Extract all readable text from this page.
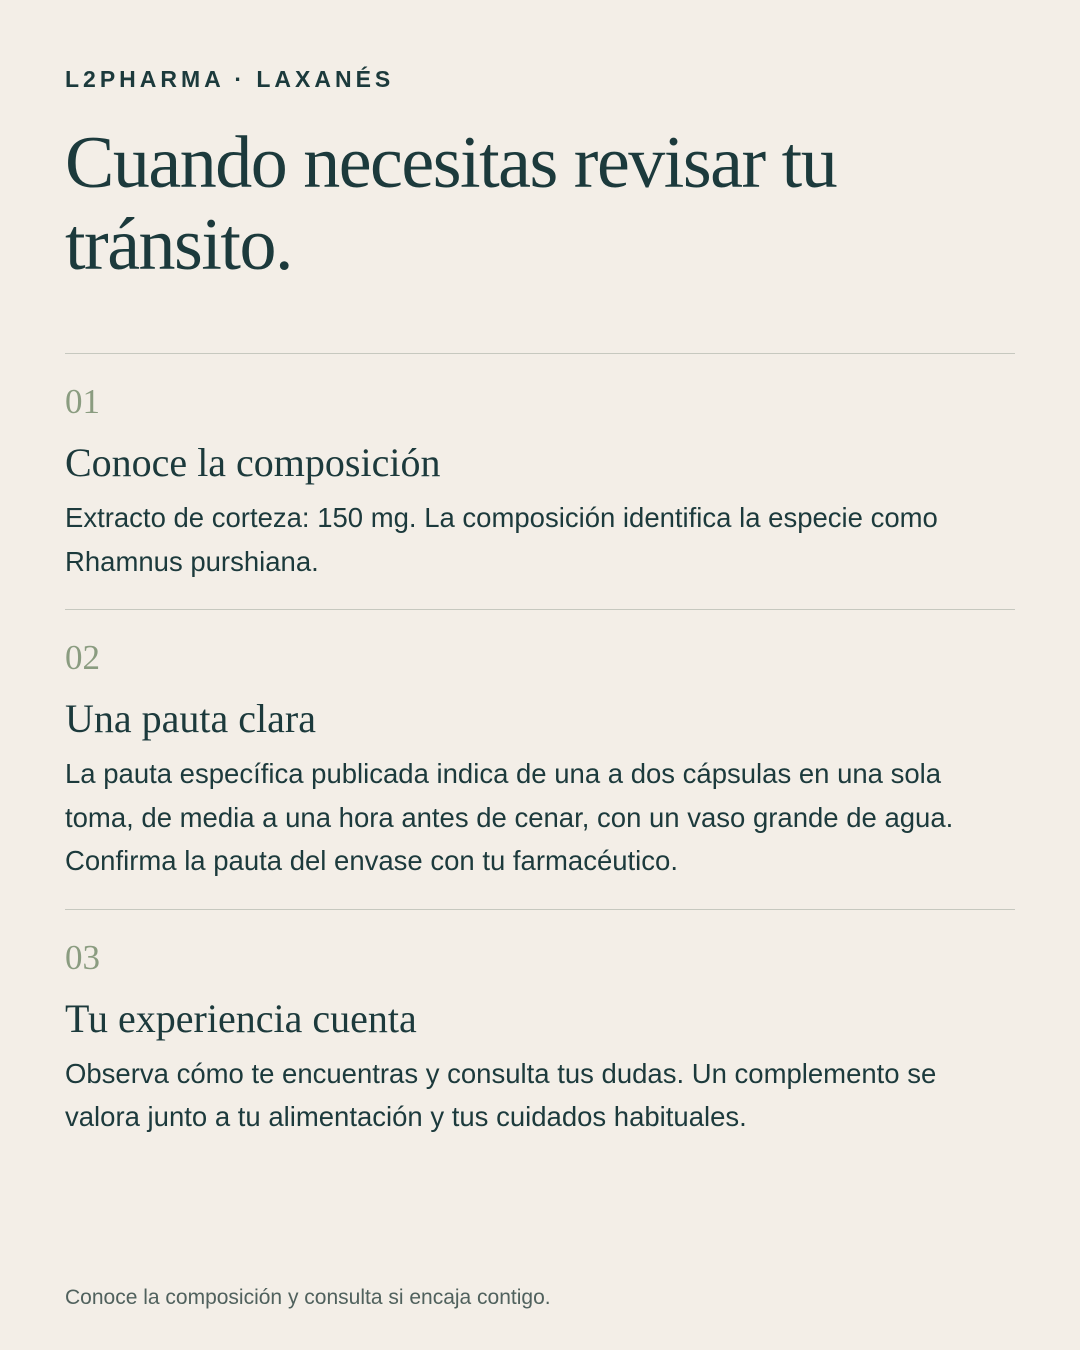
L2PHARMA · LAXANÉS
Cuando necesitas revisar tu tránsito.

01

Conoce la composición

Extracto de corteza: 150 mg. La composición identifica la especie como Rhamnus purshiana.

02

Una pauta clara

La pauta específica publicada indica de una a dos cápsulas en una sola toma, de media a una hora antes de cenar, con un vaso grande de agua. Confirma la pauta del envase con tu farmacéutico.

03

Tu experiencia cuenta

Observa cómo te encuentras y consulta tus dudas. Un complemento se valora junto a tu alimentación y tus cuidados habituales.

Conoce la composición y consulta si encaja contigo.
